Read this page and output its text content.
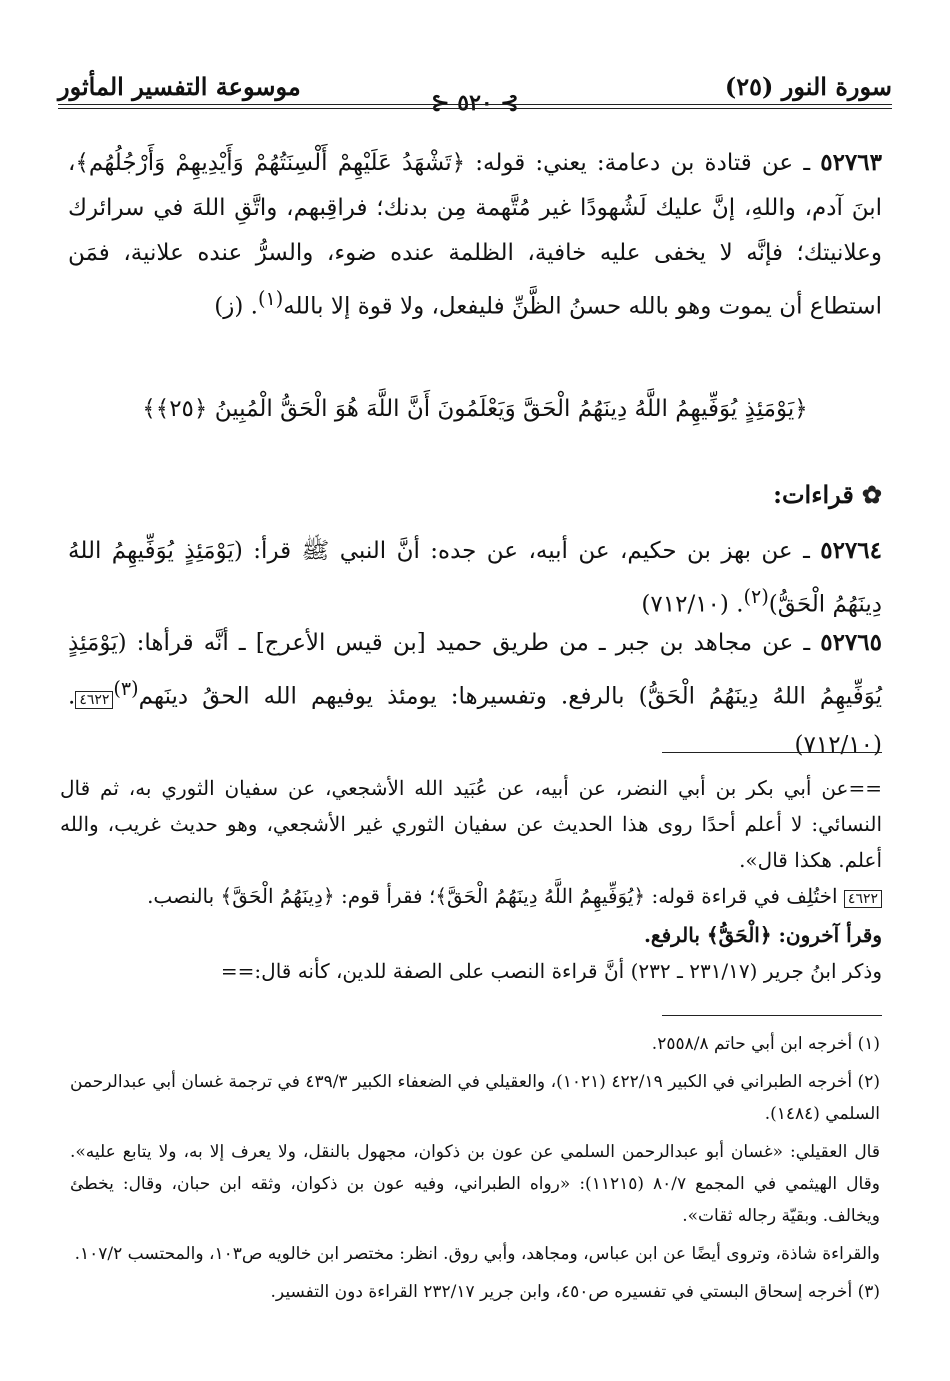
سورة النور (٢٥)
موسوعة التفسير المأثور
⊱ ٥٢٠ ⊰
٥٢٧٦٣ ـ عن قتادة بن دعامة: يعني: قوله: ﴿تَشْهَدُ عَلَيْهِمْ أَلْسِنَتُهُمْ وَأَيْدِيهِمْ وَأَرْجُلُهُم﴾، ابنَ آدم، واللهِ، إنَّ عليك لَشُهودًا غير مُتَّهمة مِن بدنك؛ فراقِبهم، واتَّقِ اللهَ في سرائرك وعلانيتك؛ فإنَّه لا يخفى عليه خافية، الظلمة عنده ضوء، والسرُّ عنده علانية، فمَن استطاع أن يموت وهو بالله حسنُ الظَّنِّ فليفعل، ولا قوة إلا بالله$^{(١)}$. (ز)
﴿يَوْمَئِذٍ يُوَفِّيهِمُ اللَّهُ دِينَهُمُ الْحَقَّ وَيَعْلَمُونَ أَنَّ اللَّهَ هُوَ الْحَقُّ الْمُبِينُ ﴿٢٥﴾﴾
✿قراءات:
٥٢٧٦٤ ـ عن بهز بن حكيم، عن أبيه، عن جده: أنَّ النبي ﷺ قرأ: (يَوْمَئِذٍ يُوَفِّيهِمُ اللهُ دِينَهُمُ الْحَقُّ)$^{(٢)}$. (٧١٢/١٠)
٥٢٧٦٥ ـ عن مجاهد بن جبر ـ من طريق حميد [بن قيس الأعرج] ـ أنَّه قرأها: (يَوْمَئِذٍ يُوَفِّيهِمُ اللهُ دِينَهُمُ الْحَقُّ) بالرفع. وتفسيرها: يومئذ يوفيهم الله الحقُ دينَهم$^{(٣)}$٤٦٢٢. (٧١٢/١٠)
==عن أبي بكر بن أبي النضر، عن أبيه، عن عُبَيد الله الأشجعي، عن سفيان الثوري به، ثم قال النسائي: لا أعلم أحدًا روى هذا الحديث عن سفيان الثوري غير الأشجعي، وهو حديث غريب، والله أعلم. هكذا قال».
٤٦٢٢ اختُلِف في قراءة قوله: ﴿يُوَفِّيهِمُ اللَّهُ دِينَهُمُ الْحَقَّ﴾؛ فقرأ قوم: ﴿دِينَهُمُ الْحَقَّ﴾ بالنصب.
وقرأ آخرون: ﴿الْحَقُّ﴾ بالرفع.
وذكر ابنُ جرير (٢٣١/١٧ ـ ٢٣٢) أنَّ قراءة النصب على الصفة للدين، كأنه قال:==

(١) أخرجه ابن أبي حاتم ٢٥٥٨/٨.

(٢) أخرجه الطبراني في الكبير ٤٢٢/١٩ (١٠٢١)، والعقيلي في الضعفاء الكبير ٤٣٩/٣ في ترجمة غسان أبي عبدالرحمن السلمي (١٤٨٤).

قال العقيلي: «غسان أبو عبدالرحمن السلمي عن عون بن ذكوان، مجهول بالنقل، ولا يعرف إلا به، ولا يتابع عليه». وقال الهيثمي في المجمع ٨٠/٧ (١١٢١٥): «رواه الطبراني، وفيه عون بن ذكوان، وثقه ابن حبان، وقال: يخطئ ويخالف. وبقيّة رجاله ثقات».

والقراءة شاذة، وتروى أيضًا عن ابن عباس، ومجاهد، وأبي روق. انظر: مختصر ابن خالويه ص١٠٣، والمحتسب ١٠٧/٢.

(٣) أخرجه إسحاق البستي في تفسيره ص٤٥٠، وابن جرير ٢٣٢/١٧ القراءة دون التفسير.
